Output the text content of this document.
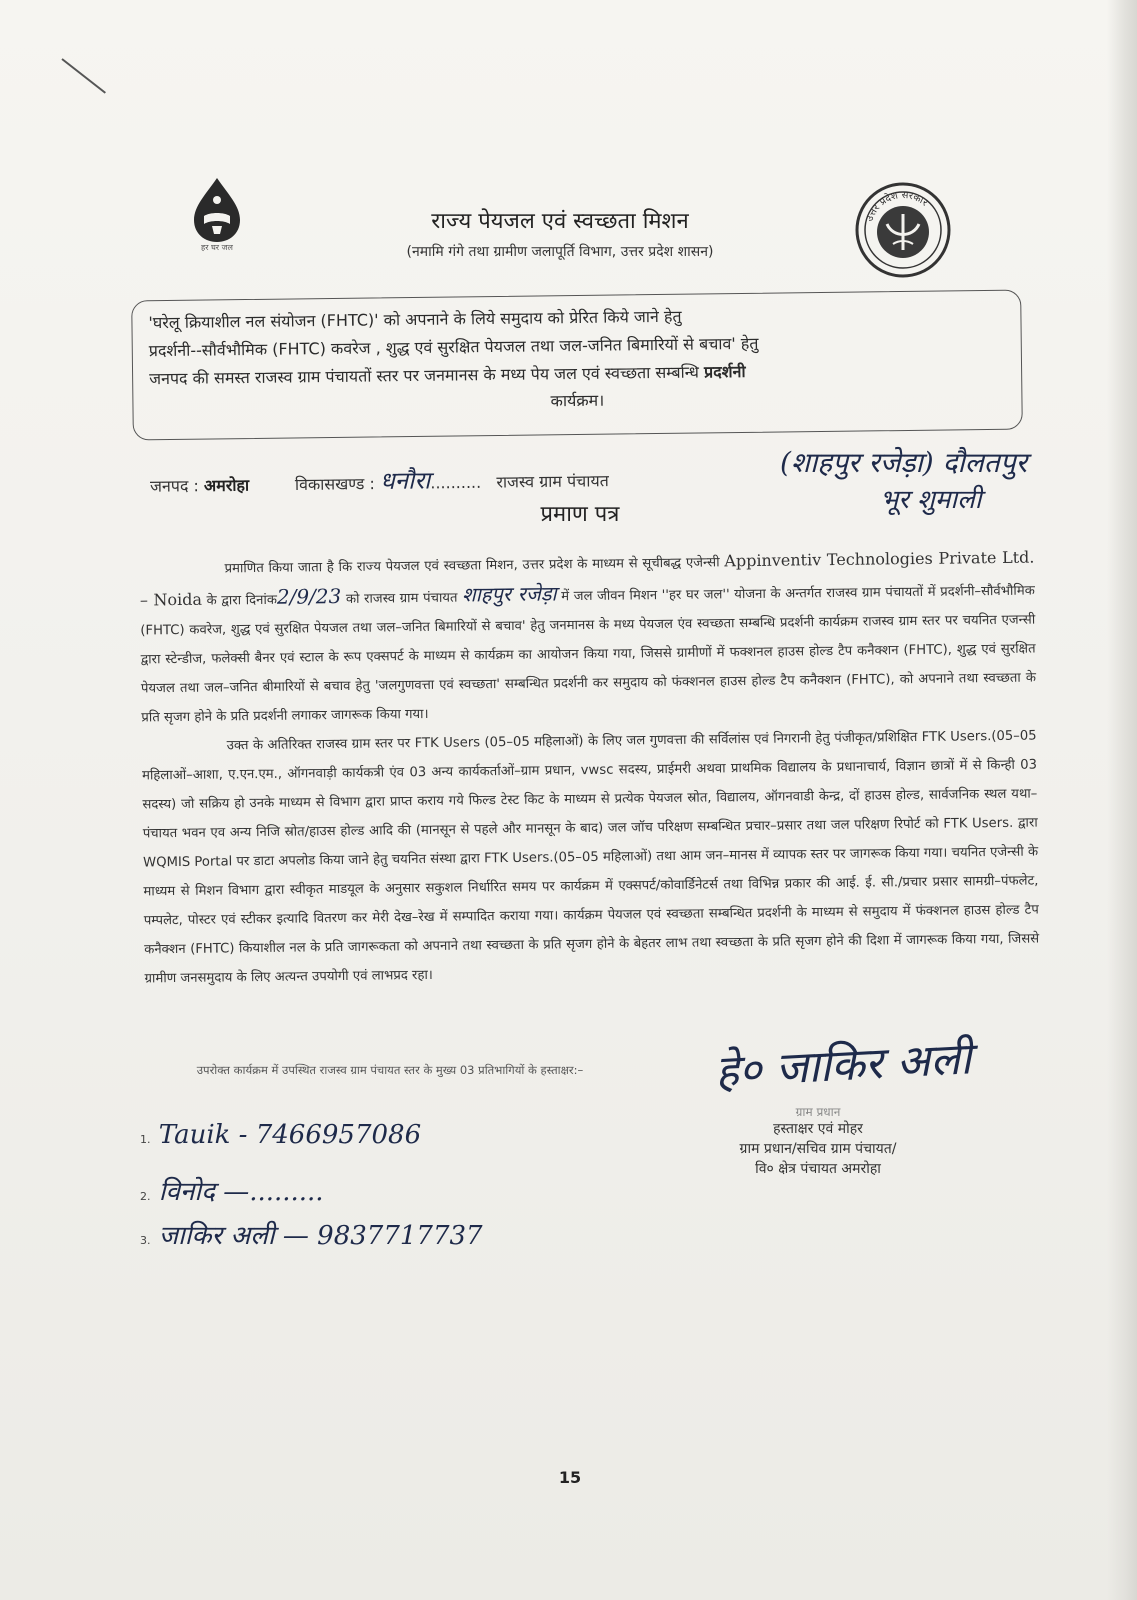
हर घर जल
उत्तर प्रदेश सरकार
राज्य पेयजल एवं स्वच्छता मिशन
(नमामि गंगे तथा ग्रामीण जलापूर्ति विभाग, उत्तर प्रदेश शासन)
'घरेलू क्रियाशील नल संयोजन (FHTC)' को अपनाने के लिये समुदाय को प्रेरित किये जाने हेतु
प्रदर्शनी--सौर्वभौमिक (FHTC) कवरेज , शुद्ध एवं सुरक्षित पेयजल तथा जल-जनित बिमारियों से बचाव' हेतु
जनपद की समस्त राजस्व ग्राम पंचायतों स्तर पर जनमानस के मध्य पेय जल एवं स्वच्छता सम्बन्धि प्रदर्शनी
कार्यक्रम।
जनपद : अमरोहा	विकासखण्ड : धनौरा.......... राजस्व ग्राम पंचायत
(शाहपुर रजेड़ा) दौलतपुर
भूर शुमाली
प्रमाण पत्र

प्रमाणित किया जाता है कि राज्य पेयजल एवं स्वच्छता मिशन, उत्तर प्रदेश के माध्यम से सूचीबद्ध एजेन्सी Appinventiv Technologies Private Ltd. – Noida के द्वारा दिनांक2/9/23 को राजस्व ग्राम पंचायत शाहपुर रजेड़ा में जल जीवन मिशन ''हर घर जल'' योजना के अन्तर्गत राजस्व ग्राम पंचायतों में प्रदर्शनी–सौर्वभौमिक (FHTC) कवरेज, शुद्ध एवं सुरक्षित पेयजल तथा जल–जनित बिमारियों से बचाव' हेतु जनमानस के मध्य पेयजल एंव स्वच्छता सम्बन्धि प्रदर्शनी कार्यक्रम राजस्व ग्राम स्तर पर चयनित एजन्सी द्वारा स्टेन्डीज, फलेक्सी बैनर एवं स्टाल के रूप एक्सपर्ट के माध्यम से कार्यक्रम का आयोजन किया गया, जिससे ग्रामीणों में फक्शनल हाउस होल्ड टैप कनैक्शन (FHTC), शुद्ध एवं सुरक्षित पेयजल तथा जल–जनित बीमारियों से बचाव हेतु 'जलगुणवत्ता एवं स्वच्छता' सम्बन्धित प्रदर्शनी कर समुदाय को फंक्शनल हाउस होल्ड टैप कनैक्शन (FHTC), को अपनाने तथा स्वच्छता के प्रति सृजग होने के प्रति प्रदर्शनी लगाकर जागरूक किया गया।

उक्त के अतिरिक्त राजस्व ग्राम स्तर पर FTK Users (05–05 महिलाओं) के लिए जल गुणवत्ता की सर्विलांस एवं निगरानी हेतु पंजीकृत/प्रशिक्षित FTK Users.(05–05 महिलाओं–आशा, ए.एन.एम., ऑगनवाड़ी कार्यकत्री एंव 03 अन्य कार्यकर्ताओं–ग्राम प्रधान, vwsc सदस्य, प्राईमरी अथवा प्राथमिक विद्यालय के प्रधानाचार्य, विज्ञान छात्रों में से किन्ही 03 सदस्य) जो सक्रिय हो उनके माध्यम से विभाग द्वारा प्राप्त कराय गये फिल्ड टेस्ट किट के माध्यम से प्रत्येक पेयजल स्रोत, विद्यालय, ऑगनवाडी केन्द्र, दों हाउस होल्ड, सार्वजनिक स्थल यथा–पंचायत भवन एव अन्य निजि स्रोत/हाउस होल्ड आदि की (मानसून से पहले और मानसून के बाद) जल जॉच परिक्षण सम्बन्धित प्रचार–प्रसार तथा जल परिक्षण रिपोर्ट को FTK Users. द्वारा WQMIS Portal पर डाटा अपलोड किया जाने हेतु चयनित संस्था द्वारा FTK Users.(05–05 महिलाओं) तथा आम जन–मानस में व्यापक स्तर पर जागरूक किया गया। चयनित एजेन्सी के माध्यम से मिशन विभाग द्वारा स्वीकृत माडयूल के अनुसार सकुशल निर्धारित समय पर कार्यक्रम में एक्सपर्ट/कोवार्डिनेटर्स तथा विभिन्न प्रकार की आई. ई. सी./प्रचार प्रसार सामग्री–पंफलेट, पम्पलेट, पोस्टर एवं स्टीकर इत्यादि वितरण कर मेरी देख–रेख में सम्पादित कराया गया। कार्यक्रम पेयजल एवं स्वच्छता सम्बन्धित प्रदर्शनी के माध्यम से समुदाय में फंक्शनल हाउस होल्ड टैप कनैक्शन (FHTC) कियाशील नल के प्रति जागरूकता को अपनाने तथा स्वच्छता के प्रति सृजग होने के बेहतर लाभ तथा स्वच्छता के प्रति सृजग होने की दिशा में जागरूक किया गया, जिससे ग्रामीण जनसमुदाय के लिए अत्यन्त उपयोगी एवं लाभप्रद रहा।

हे० जाकिर अली
ग्राम प्रधान
हस्ताक्षर एवं मोहर
ग्राम प्रधान/सचिव ग्राम पंचायत/
वि० क्षेत्र पंचायत अमरोहा
उपरोक्त कार्यक्रम में उपस्थित राजस्व ग्राम पंचायत स्तर के मुख्य 03 प्रतिभागियों के हस्ताक्षर:–
1. Tauik - 7466957086
2. विनोद —.........
3. जाकिर अली — 9837717737
15
